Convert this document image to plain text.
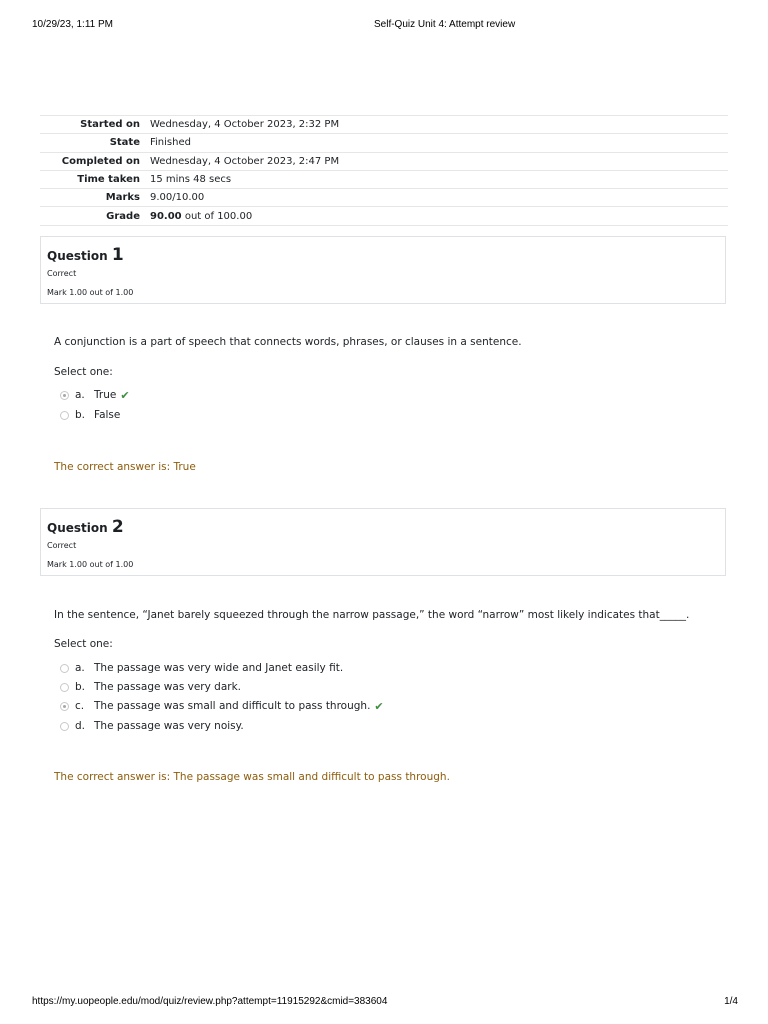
10/29/23, 1:11 PM	Self-Quiz Unit 4: Attempt review
Started on	Wednesday, 4 October 2023, 2:32 PM
State	Finished
Completed on	Wednesday, 4 October 2023, 2:47 PM
Time taken	15 mins 48 secs
Marks	9.00/10.00
Grade	90.00 out of 100.00
Question 1
Correct
Mark 1.00 out of 1.00
A conjunction is a part of speech that connects words, phrases, or clauses in a sentence.
Select one:
a. True ✔
b. False
The correct answer is: True
Question 2
Correct
Mark 1.00 out of 1.00
In the sentence, “Janet barely squeezed through the narrow passage,” the word “narrow” most likely indicates that_____.
Select one:
a. The passage was very wide and Janet easily fit.
b. The passage was very dark.
c. The passage was small and difficult to pass through. ✔
d. The passage was very noisy.
The correct answer is: The passage was small and difficult to pass through.
https://my.uopeople.edu/mod/quiz/review.php?attempt=11915292&cmid=383604	1/4
